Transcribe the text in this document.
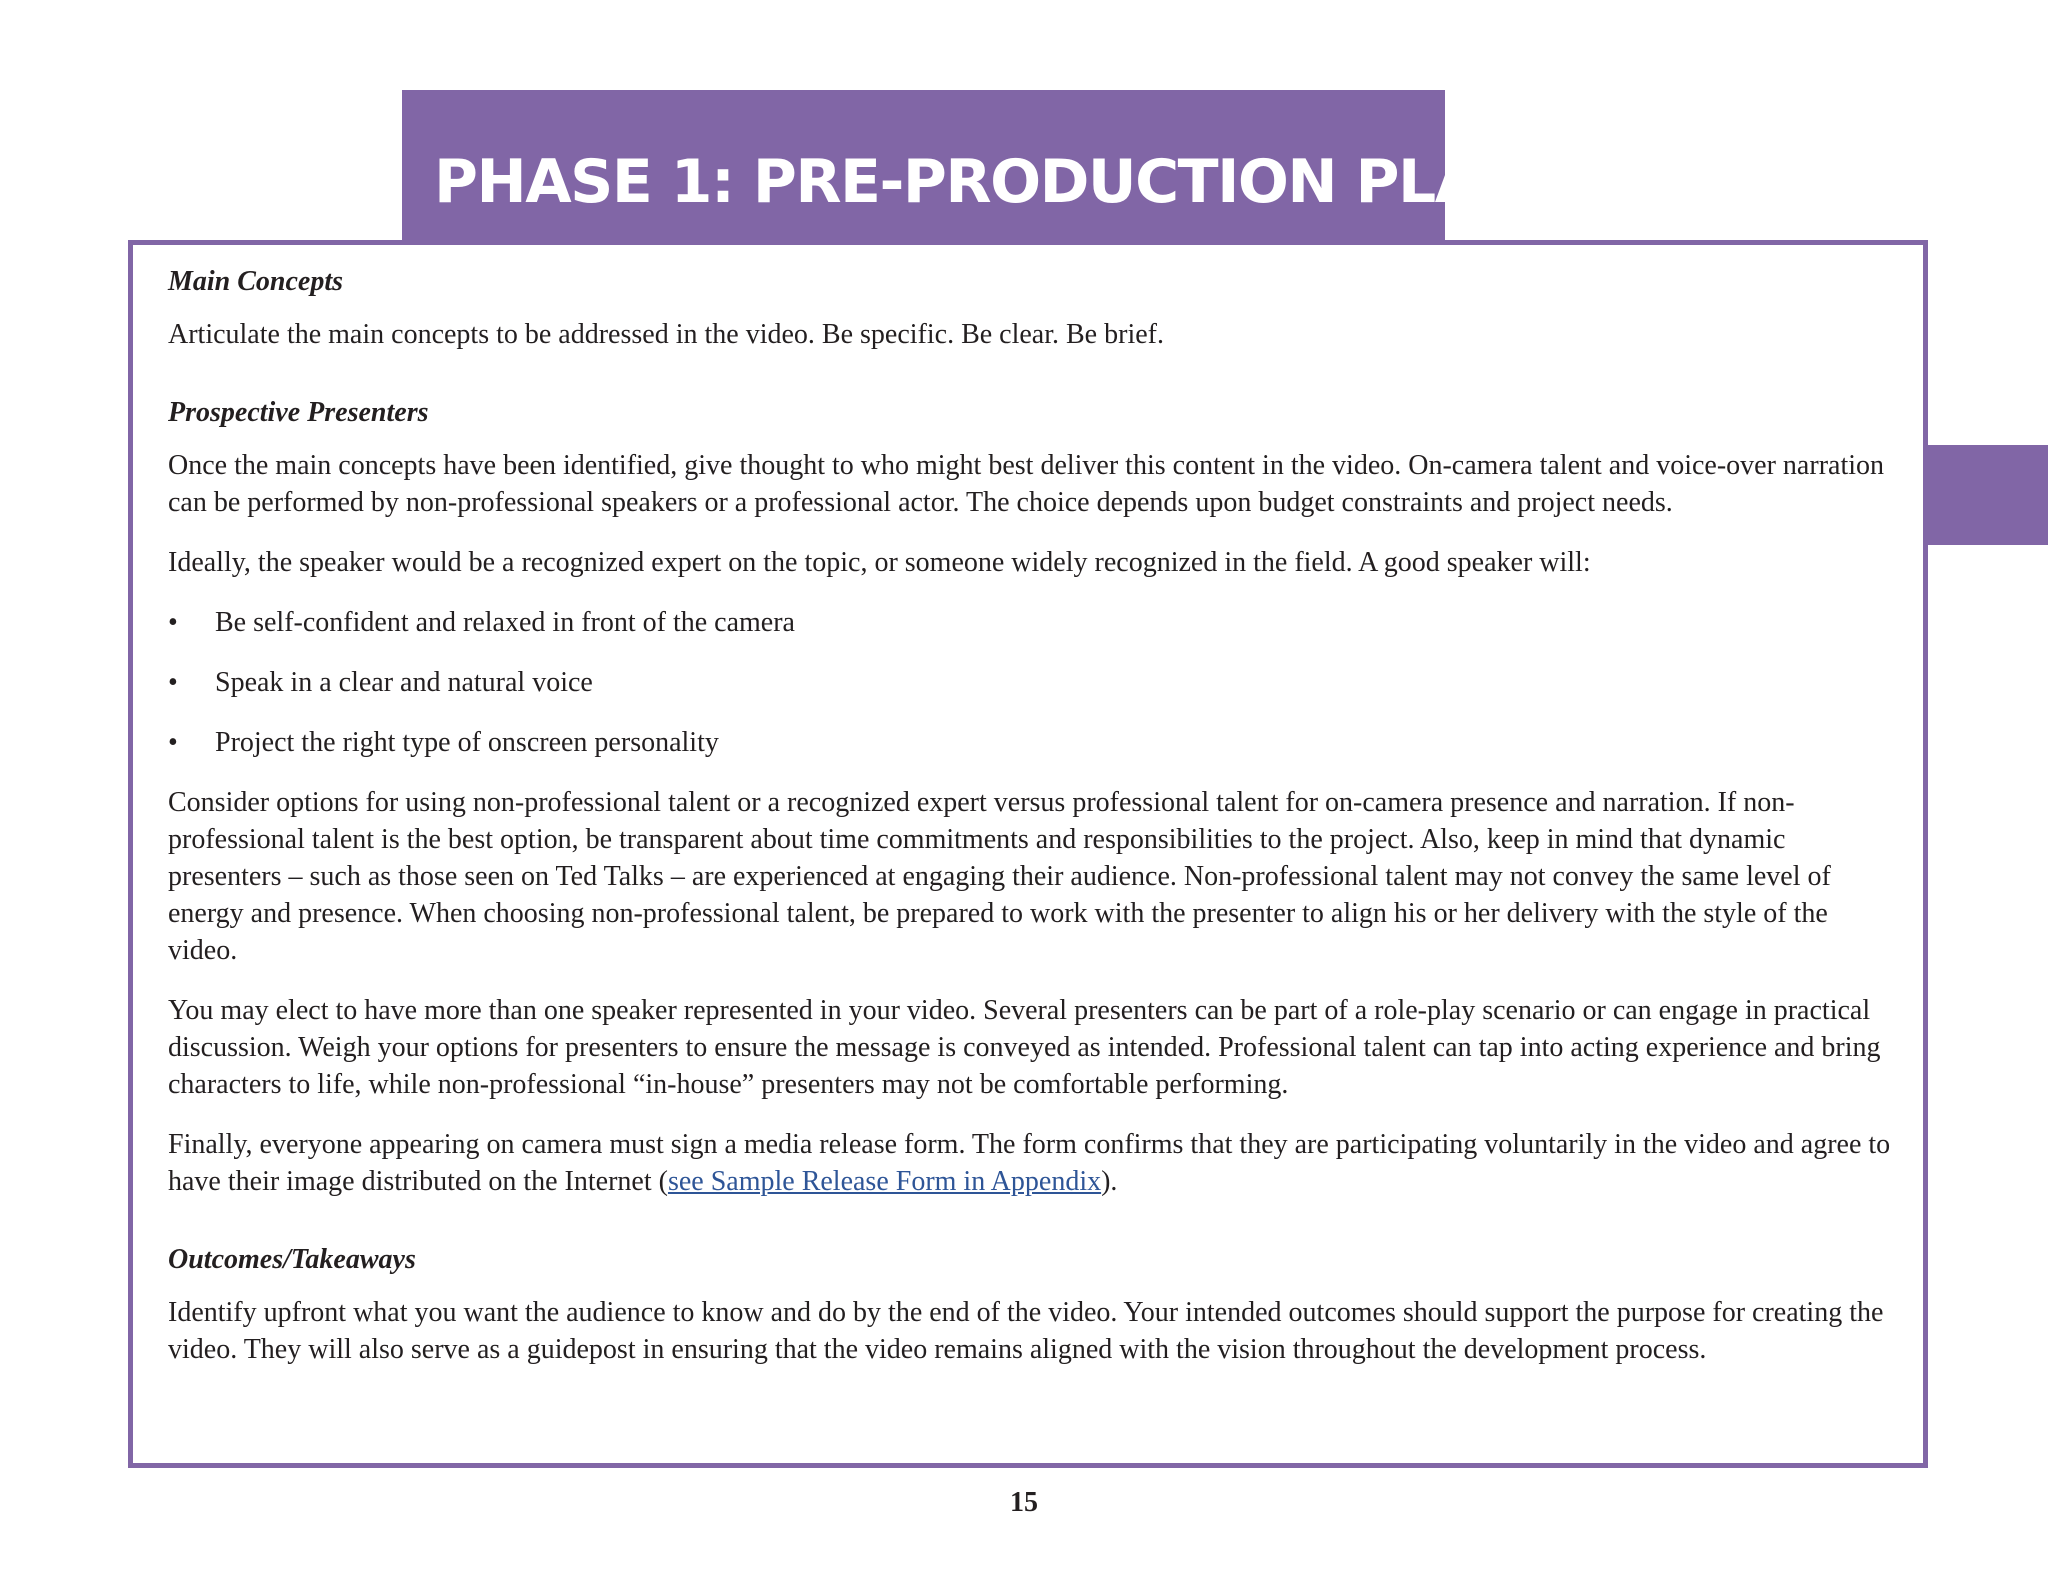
PHASE 1: PRE-PRODUCTION PLANNING
Main Concepts

Articulate the main concepts to be addressed in the video. Be specific. Be clear. Be brief.

Prospective Presenters

Once the main concepts have been identified, give thought to who might best deliver this content in the video. On-camera talent and voice-over narration can be performed by non-professional speakers or a professional actor. The choice depends upon budget constraints and project needs.

Ideally, the speaker would be a recognized expert on the topic, or someone widely recognized in the field. A good speaker will:

• Be self-confident and relaxed in front of the camera
• Speak in a clear and natural voice
• Project the right type of onscreen personality

Consider options for using non-professional talent or a recognized expert versus professional talent for on-camera presence and narration. If non-professional talent is the best option, be transparent about time commitments and responsibilities to the project. Also, keep in mind that dynamic presenters – such as those seen on Ted Talks – are experienced at engaging their audience. Non-professional talent may not convey the same level of energy and presence. When choosing non-professional talent, be prepared to work with the presenter to align his or her delivery with the style of the video.

You may elect to have more than one speaker represented in your video. Several presenters can be part of a role-play scenario or can engage in practical discussion. Weigh your options for presenters to ensure the message is conveyed as intended. Professional talent can tap into acting experience and bring characters to life, while non-professional “in-house” presenters may not be comfortable performing.

Finally, everyone appearing on camera must sign a media release form. The form confirms that they are participating voluntarily in the video and agree to have their image distributed on the Internet (see Sample Release Form in Appendix).

Outcomes/Takeaways

Identify upfront what you want the audience to know and do by the end of the video. Your intended outcomes should support the purpose for creating the video. They will also serve as a guidepost in ensuring that the video remains aligned with the vision throughout the development process.

15
